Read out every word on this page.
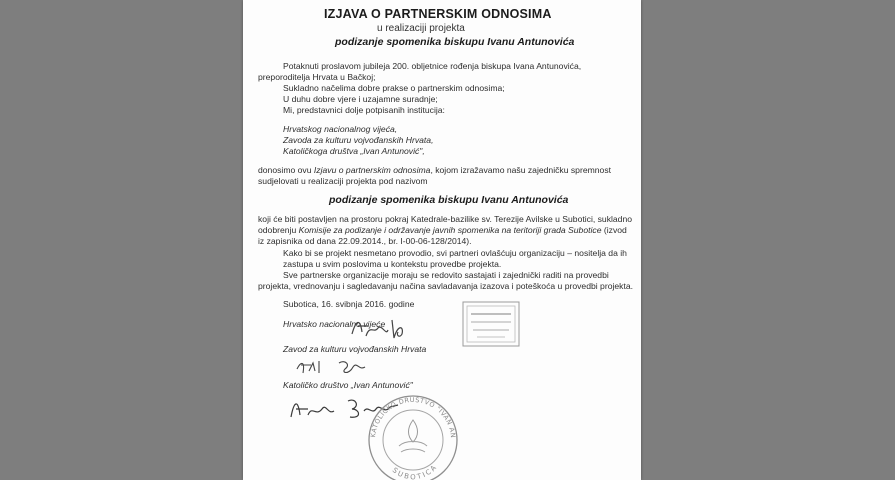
IZJAVA O PARTNERSKIM ODNOSIMA
u realizaciji projekta
podizanje spomenika biskupu Ivanu Antunovića
Potaknuti proslavom jubileja 200. obljetnice rođenja biskupa Ivana Antunovića,
preporoditelja Hrvata u Bačkoj;
Sukladno načelima dobre prakse o partnerskim odnosima;
U duhu dobre vjere i uzajamne suradnje;
Mi, predstavnici dolje potpisanih institucija:
Hrvatskog nacionalnog vijeća,
Zavoda za kulturu vojvođanskih Hrvata,
Katoličkoga društva „Ivan Antunović",
donosimo ovu Izjavu o partnerskim odnosima, kojom izražavamo našu zajedničku spremnost
sudjelovati u realizaciji projekta pod nazivom
podizanje spomenika biskupu Ivanu Antunovića
koji će biti postavljen na prostoru pokraj Katedrale-bazilike sv. Terezije Avilske u Subotici, sukladno
odobrenju Komisije za podizanje i održavanje javnih spomenika na teritoriji grada Subotice (izvod
iz zapisnika od dana 22.09.2014., br. I-00-06-128/2014).
Kako bi se projekt nesmetano provodio, svi partneri ovlašćuju organizaciju – nositelja da ih
zastupa u svim poslovima u kontekstu provedbe projekta.
Sve partnerske organizacije moraju se redovito sastajati i zajednički raditi na provedbi
projekta, vrednovanju i sagledavanju načina savladavanja izazova i poteškoća u provedbi projekta.
Subotica, 16. svibnja 2016. godine
Hrvatsko nacionalno vijeće
Zavod za kulturu vojvođanskih Hrvata
Katoličko društvo „Ivan Antunović"
KATOLIČKO DRUŠTVO "IVAN AN
SUBOTICA
